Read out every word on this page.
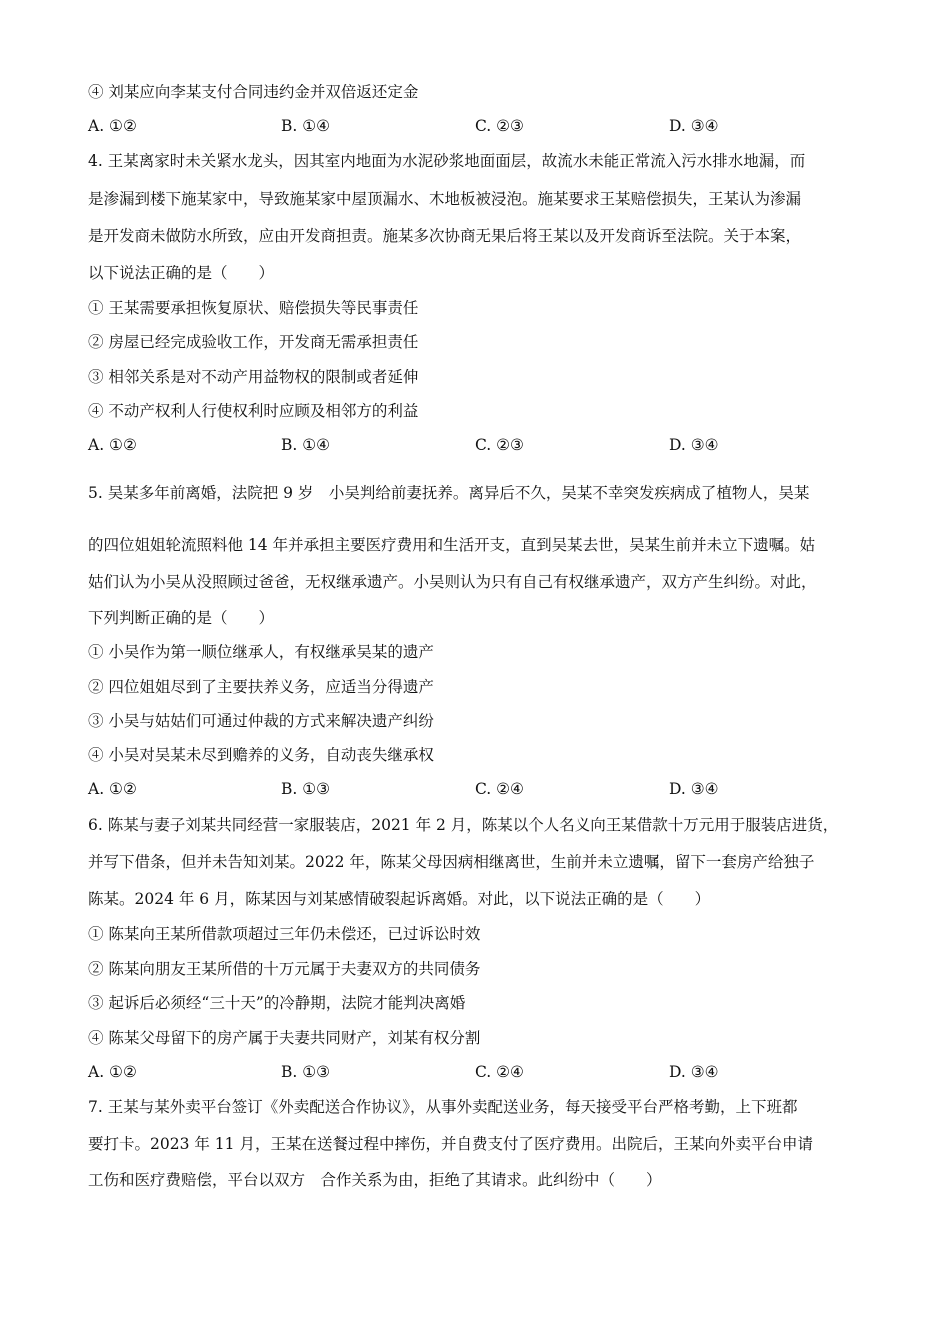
④ 刘某应向李某支付合同违约金并双倍返还定金
A. ①②	B. ①④	C. ②③	D. ③④
4. 王某离家时未关紧水龙头，因其室内地面为水泥砂浆地面面层，故流水未能正常流入污水排水地漏，而
是渗漏到楼下施某家中，导致施某家中屋顶漏水、木地板被浸泡。施某要求王某赔偿损失，王某认为渗漏
是开发商未做防水所致，应由开发商担责。施某多次协商无果后将王某以及开发商诉至法院。关于本案，
以下说法正确的是（　　）
① 王某需要承担恢复原状、赔偿损失等民事责任
② 房屋已经完成验收工作，开发商无需承担责任
③ 相邻关系是对不动产用益物权的限制或者延伸
④ 不动产权利人行使权利时应顾及相邻方的利益
A. ①②	B. ①④	C. ②③	D. ③④
5. 吴某多年前离婚，法院把 9 岁　小吴判给前妻抚养。离异后不久，吴某不幸突发疾病成了植物人，吴某
的四位姐姐轮流照料他 14 年并承担主要医疗费用和生活开支，直到吴某去世，吴某生前并未立下遗嘱。姑
姑们认为小吴从没照顾过爸爸，无权继承遗产。小吴则认为只有自己有权继承遗产，双方产生纠纷。对此，
下列判断正确的是（　　）
① 小吴作为第一顺位继承人，有权继承吴某的遗产
② 四位姐姐尽到了主要扶养义务，应适当分得遗产
③ 小吴与姑姑们可通过仲裁的方式来解决遗产纠纷
④ 小吴对吴某未尽到赡养的义务，自动丧失继承权
A. ①②	B. ①③	C. ②④	D. ③④
6. 陈某与妻子刘某共同经营一家服装店，2021 年 2 月，陈某以个人名义向王某借款十万元用于服装店进货，
并写下借条，但并未告知刘某。2022 年，陈某父母因病相继离世，生前并未立遗嘱，留下一套房产给独子
陈某。2024 年 6 月，陈某因与刘某感情破裂起诉离婚。对此，以下说法正确的是（　　）
① 陈某向王某所借款项超过三年仍未偿还，已过诉讼时效
② 陈某向朋友王某所借的十万元属于夫妻双方的共同债务
③ 起诉后必须经“三十天”的冷静期，法院才能判决离婚
④ 陈某父母留下的房产属于夫妻共同财产，刘某有权分割
A. ①②	B. ①③	C. ②④	D. ③④
7. 王某与某外卖平台签订《外卖配送合作协议》，从事外卖配送业务，每天接受平台严格考勤，上下班都
要打卡。2023 年 11 月，王某在送餐过程中摔伤，并自费支付了医疗费用。出院后，王某向外卖平台申请
工伤和医疗费赔偿，平台以双方　合作关系为由，拒绝了其请求。此纠纷中（　　）
